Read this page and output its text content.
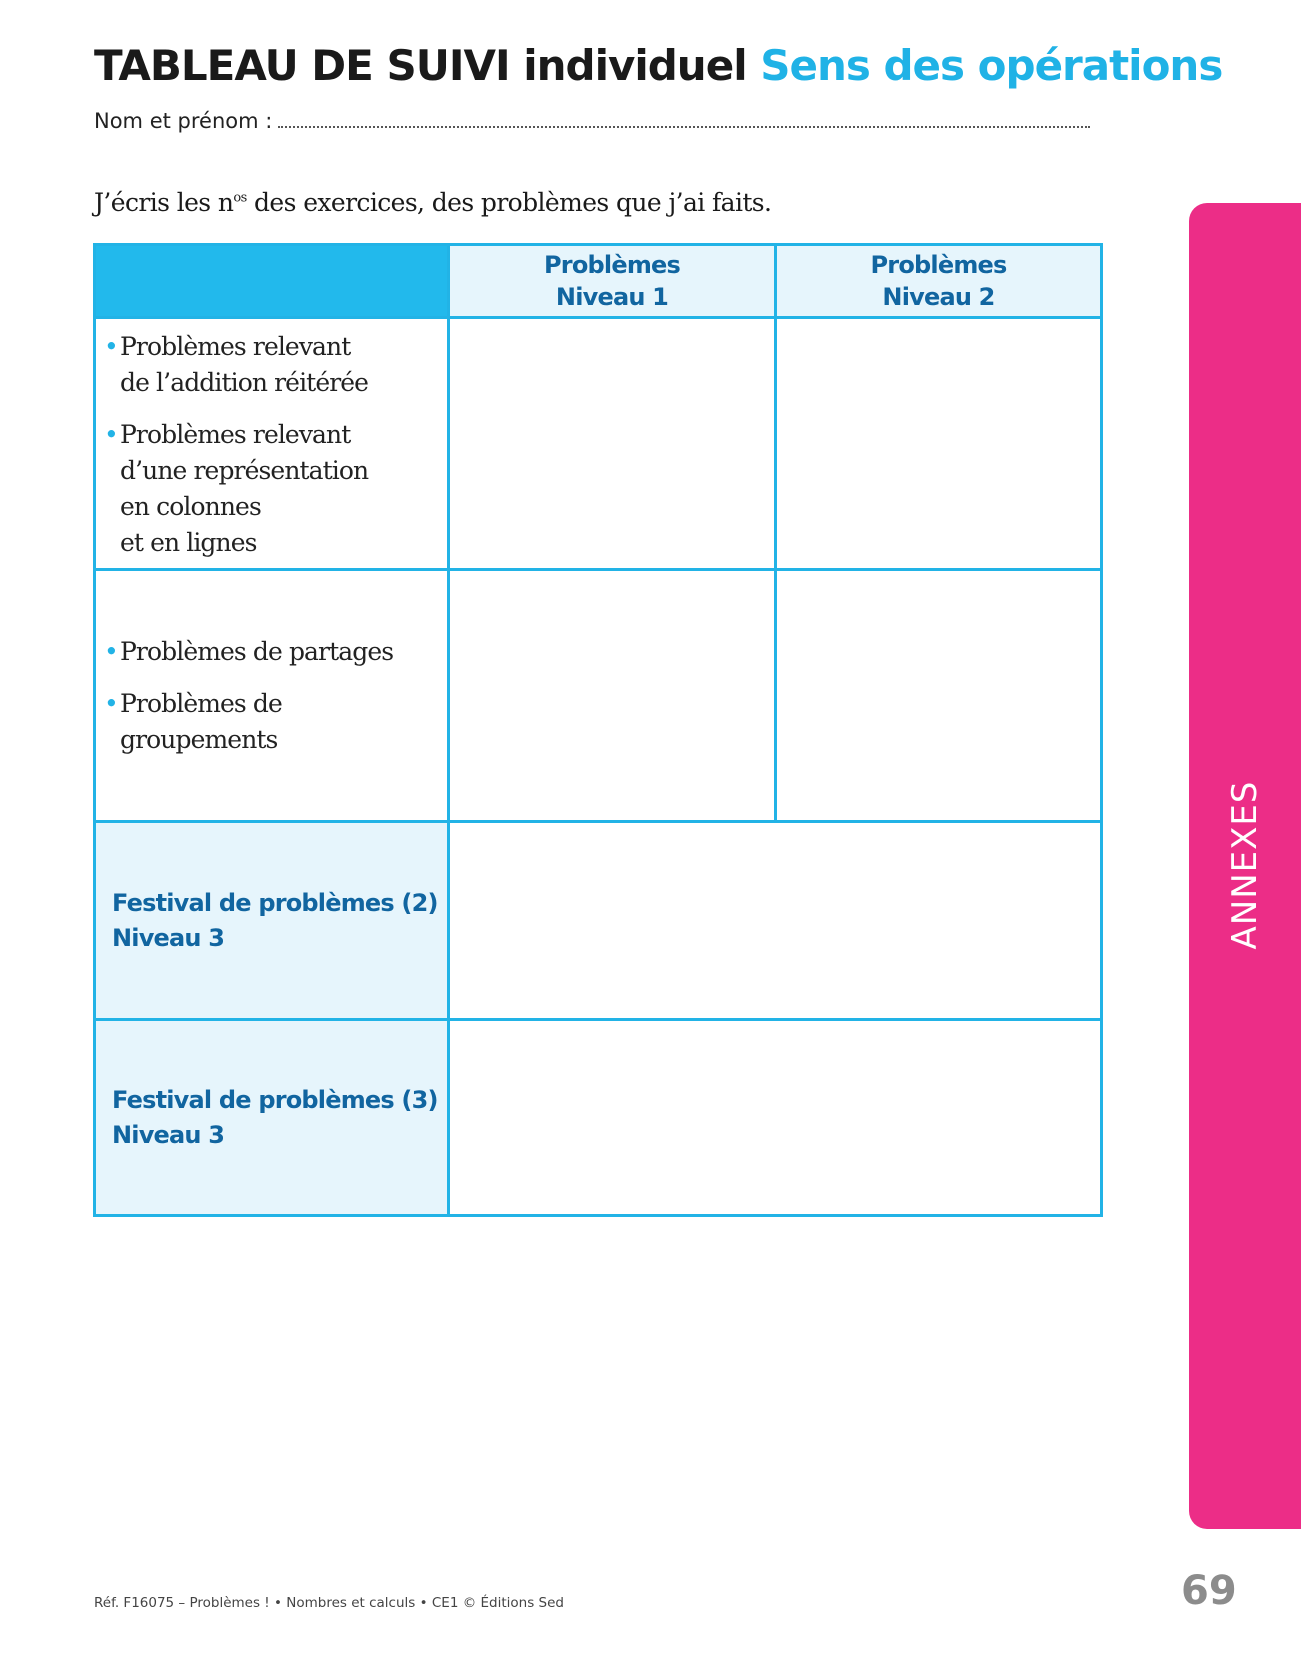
TABLEAU DE SUIVI individuel Sens des opérations
Nom et prénom :

J’écris les $n^{os}$ des exercices, des problèmes que j’ai faits.

Problèmes
Niveau 1
Problèmes
Niveau 2
• Problèmes relevant
de l’addition réitérée
• Problèmes relevant
d’une représentation
en colonnes
et en lignes
• Problèmes de partages
• Problèmes de groupements
Festival de problèmes (2)
Niveau 3
Festival de problèmes (3)
Niveau 3
ANNEXES
Réf. F16075 – Problèmes ! • Nombres et calculs • CE1 © Éditions Sed	69
